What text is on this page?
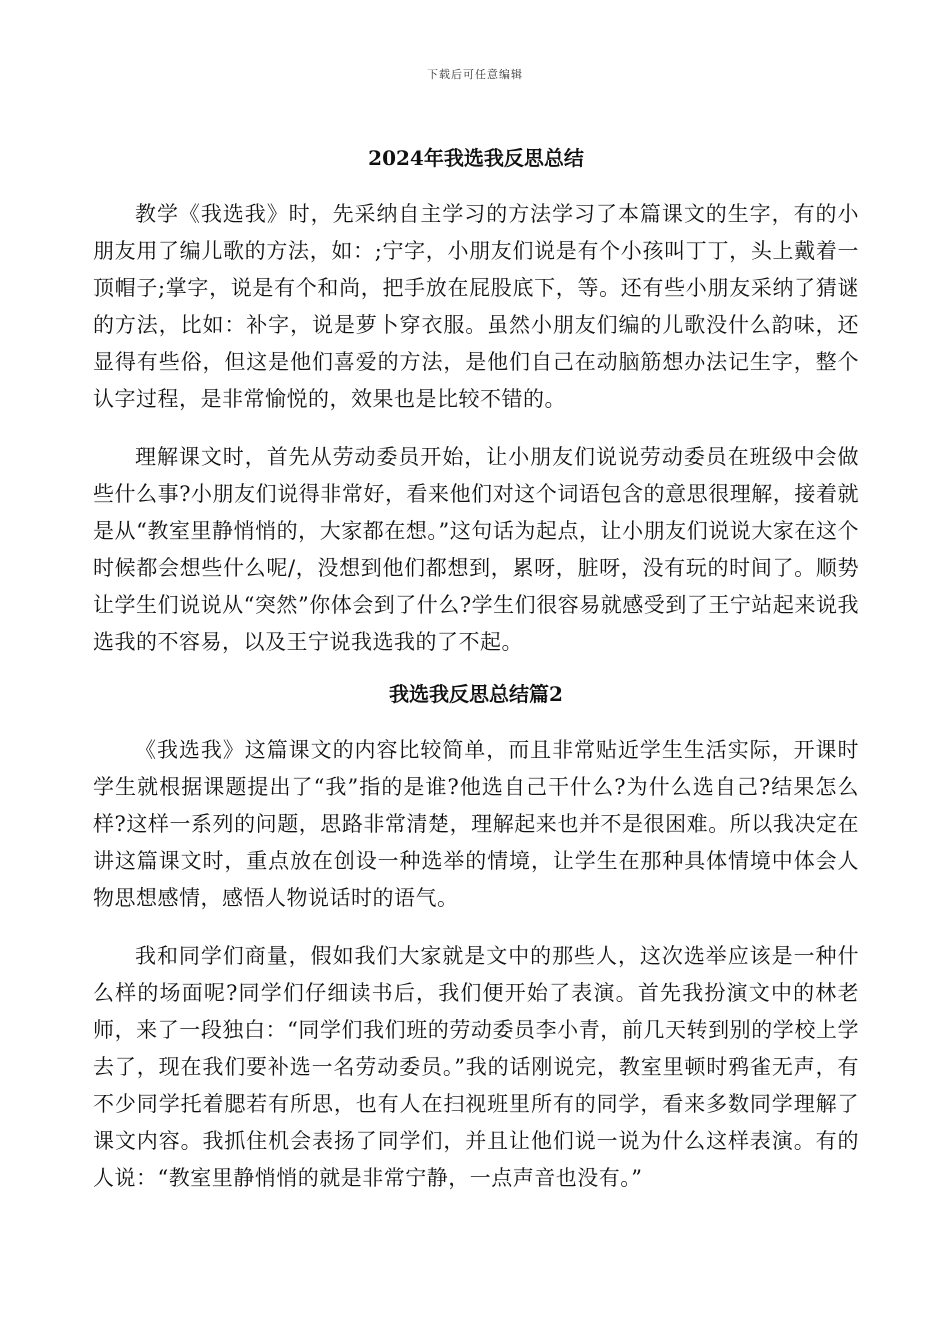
下载后可任意编辑
2024年我选我反思总结

教学《我选我》时，先采纳自主学习的方法学习了本篇课文的生字，有的小朋友用了编儿歌的方法，如：;宁字，小朋友们说是有个小孩叫丁丁，头上戴着一顶帽子;掌字，说是有个和尚，把手放在屁股底下，等。还有些小朋友采纳了猜谜的方法，比如：补字，说是萝卜穿衣服。虽然小朋友们编的儿歌没什么韵味，还显得有些俗，但这是他们喜爱的方法，是他们自己在动脑筋想办法记生字，整个认字过程，是非常愉悦的，效果也是比较不错的。

理解课文时，首先从劳动委员开始，让小朋友们说说劳动委员在班级中会做些什么事?小朋友们说得非常好，看来他们对这个词语包含的意思很理解，接着就是从“教室里静悄悄的，大家都在想。”这句话为起点，让小朋友们说说大家在这个时候都会想些什么呢/，没想到他们都想到，累呀，脏呀，没有玩的时间了。顺势让学生们说说从“突然”你体会到了什么?学生们很容易就感受到了王宁站起来说我选我的不容易，以及王宁说我选我的了不起。

我选我反思总结篇2

《我选我》这篇课文的内容比较简单，而且非常贴近学生生活实际，开课时学生就根据课题提出了“我”指的是谁?他选自己干什么?为什么选自己?结果怎么样?这样一系列的问题，思路非常清楚，理解起来也并不是很困难。所以我决定在讲这篇课文时，重点放在创设一种选举的情境，让学生在那种具体情境中体会人物思想感情，感悟人物说话时的语气。

我和同学们商量，假如我们大家就是文中的那些人，这次选举应该是一种什么样的场面呢?同学们仔细读书后，我们便开始了表演。首先我扮演文中的林老师，来了一段独白：“同学们我们班的劳动委员李小青，前几天转到别的学校上学去了，现在我们要补选一名劳动委员。”我的话刚说完，教室里顿时鸦雀无声，有不少同学托着腮若有所思，也有人在扫视班里所有的同学，看来多数同学理解了课文内容。我抓住机会表扬了同学们，并且让他们说一说为什么这样表演。有的人说：“教室里静悄悄的就是非常宁静，一点声音也没有。”
